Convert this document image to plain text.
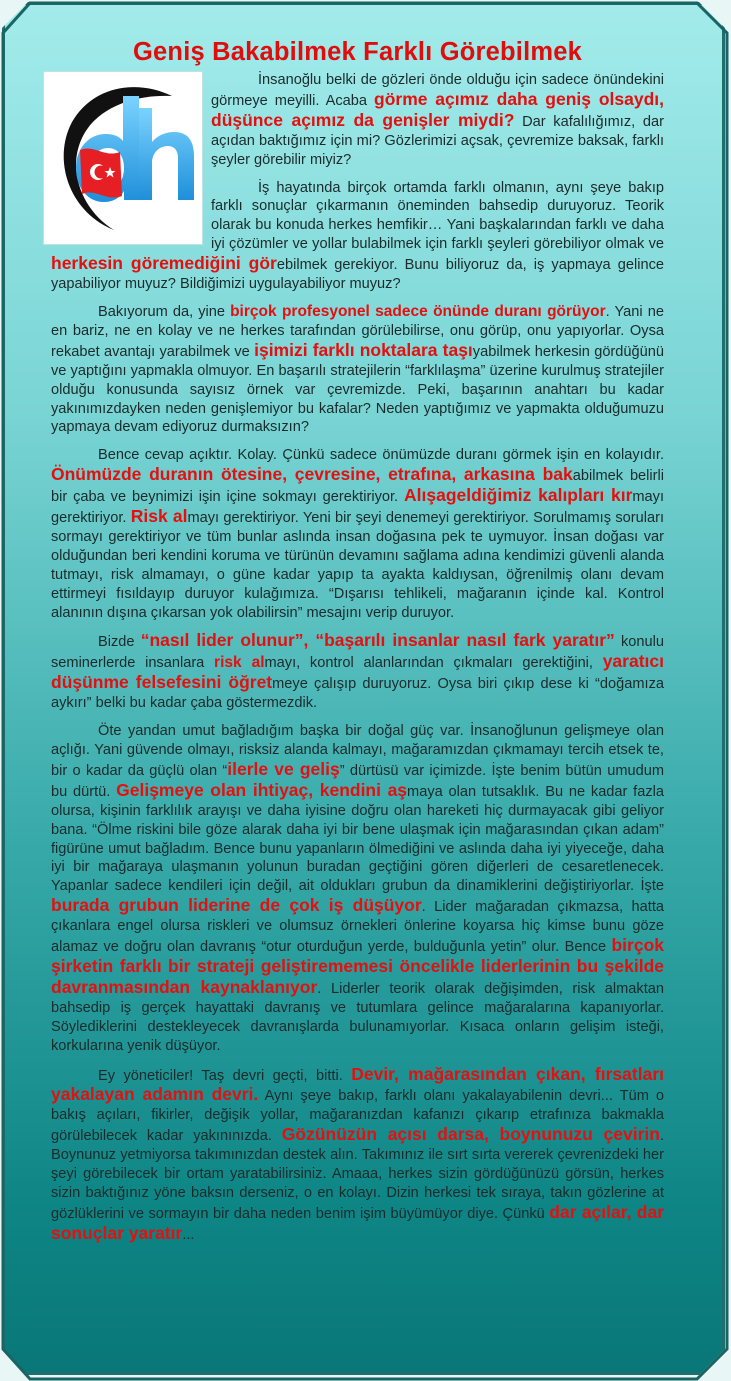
Geniş Bakabilmek Farklı Görebilmek

İnsanoğlu belki de gözleri önde olduğu için sadece önündekini görmeye meyilli. Acaba görme açımız daha geniş olsaydı, düşünce açımız da genişler miydi? Dar kafalılığımız, dar açıdan baktığımız için mi? Gözlerimizi açsak, çevremize baksak, farklı şeyler görebilir miyiz?

İş hayatında birçok ortamda farklı olmanın, aynı şeye bakıp farklı sonuçlar çıkarmanın öneminden bahsedip duruyoruz. Teorik olarak bu konuda herkes hemfikir… Yani başkalarından farklı ve daha iyi çözümler ve yollar bulabilmek için farklı şeyleri görebiliyor olmak ve herkesin göremediğini görebilmek gerekiyor. Bunu biliyoruz da, iş yapmaya gelince yapabiliyor muyuz? Bildiğimizi uygulayabiliyor muyuz?

Bakıyorum da, yine birçok profesyonel sadece önünde duranı görüyor. Yani ne en bariz, ne en kolay ve ne herkes tarafından görülebilirse, onu görüp, onu yapıyorlar. Oysa rekabet avantajı yarabilmek ve işimizi farklı noktalara taşıyabilmek herkesin gördüğünü ve yaptığını yapmakla olmuyor. En başarılı stratejilerin “farklılaşma” üzerine kurulmuş stratejiler olduğu konusunda sayısız örnek var çevremizde. Peki, başarının anahtarı bu kadar yakınımızdayken neden genişlemiyor bu kafalar? Neden yaptığımız ve yapmakta olduğumuzu yapmaya devam ediyoruz durmaksızın?

Bence cevap açıktır. Kolay. Çünkü sadece önümüzde duranı görmek işin en kolayıdır. Önümüzde duranın ötesine, çevresine, etrafına, arkasına bakabilmek belirli bir çaba ve beynimizi işin içine sokmayı gerektiriyor. Alışageldiğimiz kalıpları kırmayı gerektiriyor. Risk almayı gerektiriyor. Yeni bir şeyi denemeyi gerektiriyor. Sorulmamış soruları sormayı gerektiriyor ve tüm bunlar aslında insan doğasına pek te uymuyor. İnsan doğası var olduğundan beri kendini koruma ve türünün devamını sağlama adına kendimizi güvenli alanda tutmayı, risk almamayı, o güne kadar yapıp ta ayakta kaldıysan, öğrenilmiş olanı devam ettirmeyi fısıldayıp duruyor kulağımıza. “Dışarısı tehlikeli, mağaranın içinde kal. Kontrol alanının dışına çıkarsan yok olabilirsin” mesajını verip duruyor.

Bizde “nasıl lider olunur”, “başarılı insanlar nasıl fark yaratır” konulu seminerlerde insanlara risk almayı, kontrol alanlarından çıkmaları gerektiğini, yaratıcı düşünme felsefesini öğretmeye çalışıp duruyoruz. Oysa biri çıkıp dese ki “doğamıza aykırı” belki bu kadar çaba göstermezdik.

Öte yandan umut bağladığım başka bir doğal güç var. İnsanoğlunun gelişmeye olan açlığı. Yani güvende olmayı, risksiz alanda kalmayı, mağaramızdan çıkmamayı tercih etsek te, bir o kadar da güçlü olan “ilerle ve geliş” dürtüsü var içimizde. İşte benim bütün umudum bu dürtü. Gelişmeye olan ihtiyaç, kendini aşmaya olan tutsaklık. Bu ne kadar fazla olursa, kişinin farklılık arayışı ve daha iyisine doğru olan hareketi hiç durmayacak gibi geliyor bana. “Ölme riskini bile göze alarak daha iyi bir bene ulaşmak için mağarasından çıkan adam” figürüne umut bağladım. Bence bunu yapanların ölmediğini ve aslında daha iyi yiyeceğe, daha iyi bir mağaraya ulaşmanın yolunun buradan geçtiğini gören diğerleri de cesaretlenecek. Yapanlar sadece kendileri için değil, ait oldukları grubun da dinamiklerini değiştiriyorlar. İşte burada grubun liderine de çok iş düşüyor. Lider mağaradan çıkmazsa, hatta çıkanlara engel olursa riskleri ve olumsuz örnekleri önlerine koyarsa hiç kimse bunu göze alamaz ve doğru olan davranış “otur oturduğun yerde, bulduğunla yetin” olur. Bence birçok şirketin farklı bir strateji geliştirememesi öncelikle liderlerinin bu şekilde davranmasından kaynaklanıyor. Liderler teorik olarak değişimden, risk almaktan bahsedip iş gerçek hayattaki davranış ve tutumlara gelince mağaralarına kapanıyorlar. Söylediklerini destekleyecek davranışlarda bulunamıyorlar. Kısaca onların gelişim isteği, korkularına yenik düşüyor.

Ey yöneticiler! Taş devri geçti, bitti. Devir, mağarasından çıkan, fırsatları yakalayan adamın devri. Aynı şeye bakıp, farklı olanı yakalayabilenin devri... Tüm o bakış açıları, fikirler, değişik yollar, mağaranızdan kafanızı çıkarıp etrafınıza bakmakla görülebilecek kadar yakınınızda. Gözünüzün açısı darsa, boynunuzu çevirin. Boynunuz yetmiyorsa takımınızdan destek alın. Takımınız ile sırt sırta vererek çevrenizdeki her şeyi görebilecek bir ortam yaratabilirsiniz. Amaaa, herkes sizin gördüğünüzü görsün, herkes sizin baktığınız yöne baksın derseniz, o en kolayı. Dizin herkesi tek sıraya, takın gözlerine at gözlüklerini ve sormayın bir daha neden benim işim büyümüyor diye. Çünkü dar açılar, dar sonuçlar yaratır...
